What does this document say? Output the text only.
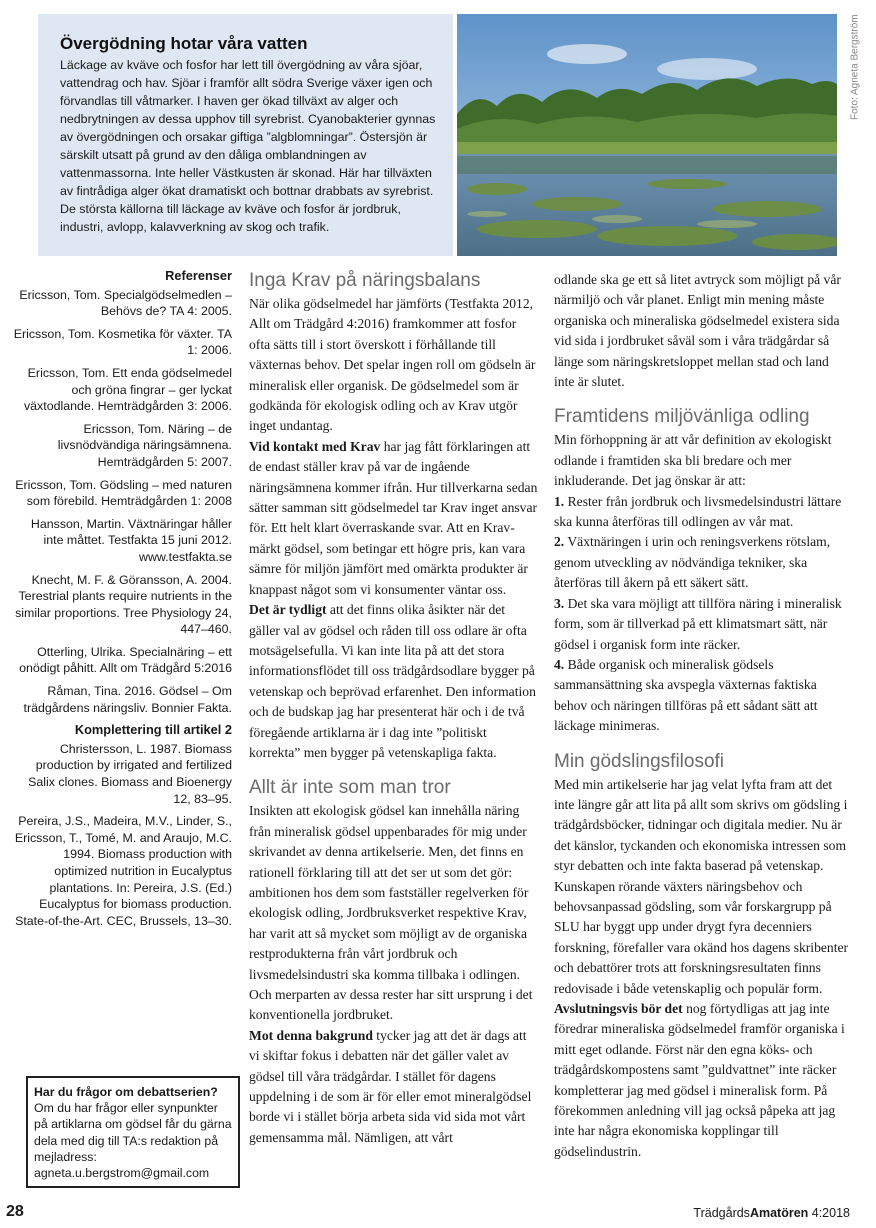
Övergödning hotar våra vatten

Läckage av kväve och fosfor har lett till övergödning av våra sjöar, vattendrag och hav. Sjöar i framför allt södra Sverige växer igen och förvandlas till våtmarker. I haven ger ökad tillväxt av alger och nedbrytningen av dessa upphov till syrebrist. Cyanobakterier gynnas av övergödningen och orsakar giftiga ”algblomningar”. Östersjön är särskilt utsatt på grund av den dåliga omblandningen av vattenmassorna. Inte heller Västkusten är skonad. Här har tillväxten av fintrådiga alger ökat dramatiskt och bottnar drabbats av syrebrist. De största källorna till läckage av kväve och fosfor är jordbruk, industri, avlopp, kalavverkning av skog och trafik.

Foto: Agneta Bergström
Referenser
Ericsson, Tom. Specialgödselmedlen – Behövs de? TA 4: 2005.
Ericsson, Tom. Kosmetika för växter. TA 1: 2006.
Ericsson, Tom. Ett enda gödselmedel och gröna fingrar – ger lyckat växtodlande. Hemträdgården 3: 2006.
Ericsson, Tom. Näring – de livsnödvändiga näringsämnena. Hemträdgården 5: 2007.
Ericsson, Tom. Gödsling – med naturen som förebild. Hemträdgården 1: 2008
Hansson, Martin. Växtnäringar håller inte måttet. Testfakta 15 juni 2012. www.testfakta.se
Knecht, M. F. & Göransson, A. 2004. Terestrial plants require nutrients in the similar proportions. Tree Physiology 24, 447–460.
Otterling, Ulrika. Specialnäring – ett onödigt påhitt. Allt om Trädgård 5:2016
Råman, Tina. 2016. Gödsel – Om trädgårdens näringsliv. Bonnier Fakta.
Komplettering till artikel 2
Christersson, L. 1987. Biomass production by irrigated and fertilized Salix clones. Biomass and Bioenergy 12, 83–95.
Pereira, J.S., Madeira, M.V., Linder, S., Ericsson, T., Tomé, M. and Araujo, M.C. 1994. Biomass production with optimized nutrition in Eucalyptus plantations. In: Pereira, J.S. (Ed.) Eucalyptus for biomass production. State-of-the-Art. CEC, Brussels, 13–30.
Har du frågor om debattserien?
Om du har frågor eller synpunkter på artiklarna om gödsel får du gärna dela med dig till TA:s redaktion på mejladress:
agneta.u.bergstrom@gmail.com
Inga Krav på näringsbalans

När olika gödselmedel har jämförts (Testfakta 2012, Allt om Trädgård 4:2016) framkommer att fosfor ofta sätts till i stort överskott i förhållande till växternas behov. Det spelar ingen roll om gödseln är mineralisk eller organisk. De gödselmedel som är godkända för ekologisk odling och av Krav utgör inget undantag.

Vid kontakt med Krav har jag fått förklaringen att de endast ställer krav på var de ingående näringsämnena kommer ifrån. Hur tillverkarna sedan sätter samman sitt gödselmedel tar Krav inget ansvar för. Ett helt klart överraskande svar. Att en Krav-märkt gödsel, som betingar ett högre pris, kan vara sämre för miljön jämfört med omärkta produkter är knappast något som vi konsumenter väntar oss.

Det är tydligt att det finns olika åsikter när det gäller val av gödsel och råden till oss odlare är ofta motsägelsefulla. Vi kan inte lita på att det stora informationsflödet till oss trädgårdsodlare bygger på vetenskap och beprövad erfarenhet. Den information och de budskap jag har presenterat här och i de två föregående artiklarna är i dag inte ”politiskt korrekta” men bygger på vetenskapliga fakta.

Allt är inte som man tror

Insikten att ekologisk gödsel kan innehålla näring från mineralisk gödsel uppenbarades för mig under skrivandet av denna artikelserie. Men, det finns en rationell förklaring till att det ser ut som det gör: ambitionen hos dem som fastställer regelverken för ekologisk odling, Jordbruksverket respektive Krav, har varit att så mycket som möjligt av de organiska restprodukterna från vårt jordbruk och livsmedelsindustri ska komma tillbaka i odlingen. Och merparten av dessa rester har sitt ursprung i det konventionella jordbruket.

Mot denna bakgrund tycker jag att det är dags att vi skiftar fokus i debatten när det gäller valet av gödsel till våra trädgårdar. I stället för dagens uppdelning i de som är för eller emot mineralgödsel borde vi i stället börja arbeta sida vid sida mot vårt gemensamma mål. Nämligen, att vårt

odlande ska ge ett så litet avtryck som möjligt på vår närmiljö och vår planet. Enligt min mening måste organiska och mineraliska gödselmedel existera sida vid sida i jordbruket såväl som i våra trädgårdar så länge som näringskretsloppet mellan stad och land inte är slutet.

Framtidens miljövänliga odling

Min förhoppning är att vår definition av ekologiskt odlande i framtiden ska bli bredare och mer inkluderande. Det jag önskar är att:

1. Rester från jordbruk och livsmedelsindustri lättare ska kunna återföras till odlingen av vår mat.

2. Växtnäringen i urin och reningsverkens rötslam, genom utveckling av nödvändiga tekniker, ska återföras till åkern på ett säkert sätt.

3. Det ska vara möjligt att tillföra näring i mineralisk form, som är tillverkad på ett klimatsmart sätt, när gödsel i organisk form inte räcker.

4. Både organisk och mineralisk gödsels sammansättning ska avspegla växternas faktiska behov och näringen tillföras på ett sådant sätt att läckage minimeras.

Min gödslingsfilosofi

Med min artikelserie har jag velat lyfta fram att det inte längre går att lita på allt som skrivs om gödsling i trädgårdsböcker, tidningar och digitala medier. Nu är det känslor, tyckanden och ekonomiska intressen som styr debatten och inte fakta baserad på vetenskap. Kunskapen rörande växters näringsbehov och behovsanpassad gödsling, som vår forskargrupp på SLU har byggt upp under drygt fyra decenniers forskning, förefaller vara okänd hos dagens skribenter och debattörer trots att forskningsresultaten finns redovisade i både vetenskaplig och populär form.

Avslutningsvis bör det nog förtydligas att jag inte föredrar mineraliska gödselmedel framför organiska i mitt eget odlande. Först när den egna köks- och trädgårdskompostens samt ”guldvattnet” inte räcker kompletterar jag med gödsel i mineralisk form. På förekommen anledning vill jag också påpeka att jag inte har några ekonomiska kopplingar till gödselindustrin.

28	TrädgårdsAmatören 4:2018
